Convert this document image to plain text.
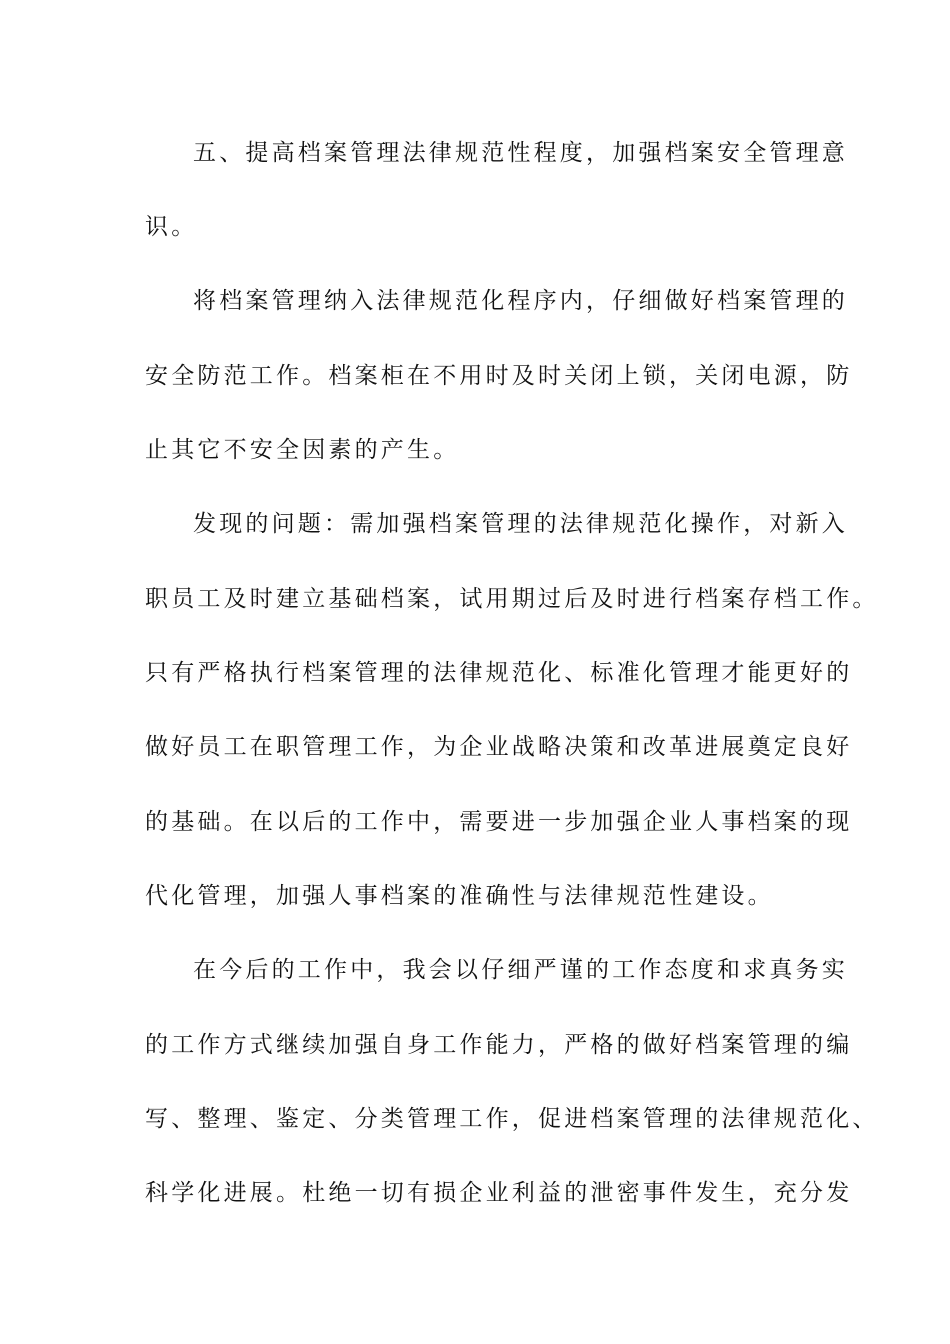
五、提高档案管理法律规范性程度，加强档案安全管理意
识。
将档案管理纳入法律规范化程序内，仔细做好档案管理的
安全防范工作。档案柜在不用时及时关闭上锁，关闭电源，防
止其它不安全因素的产生。
发现的问题：需加强档案管理的法律规范化操作，对新入
职员工及时建立基础档案，试用期过后及时进行档案存档工作。
只有严格执行档案管理的法律规范化、标准化管理才能更好的
做好员工在职管理工作，为企业战略决策和改革进展奠定良好
的基础。在以后的工作中，需要进一步加强企业人事档案的现
代化管理，加强人事档案的准确性与法律规范性建设。
在今后的工作中，我会以仔细严谨的工作态度和求真务实
的工作方式继续加强自身工作能力，严格的做好档案管理的编
写、整理、鉴定、分类管理工作，促进档案管理的法律规范化、
科学化进展。杜绝一切有损企业利益的泄密事件发生，充分发
